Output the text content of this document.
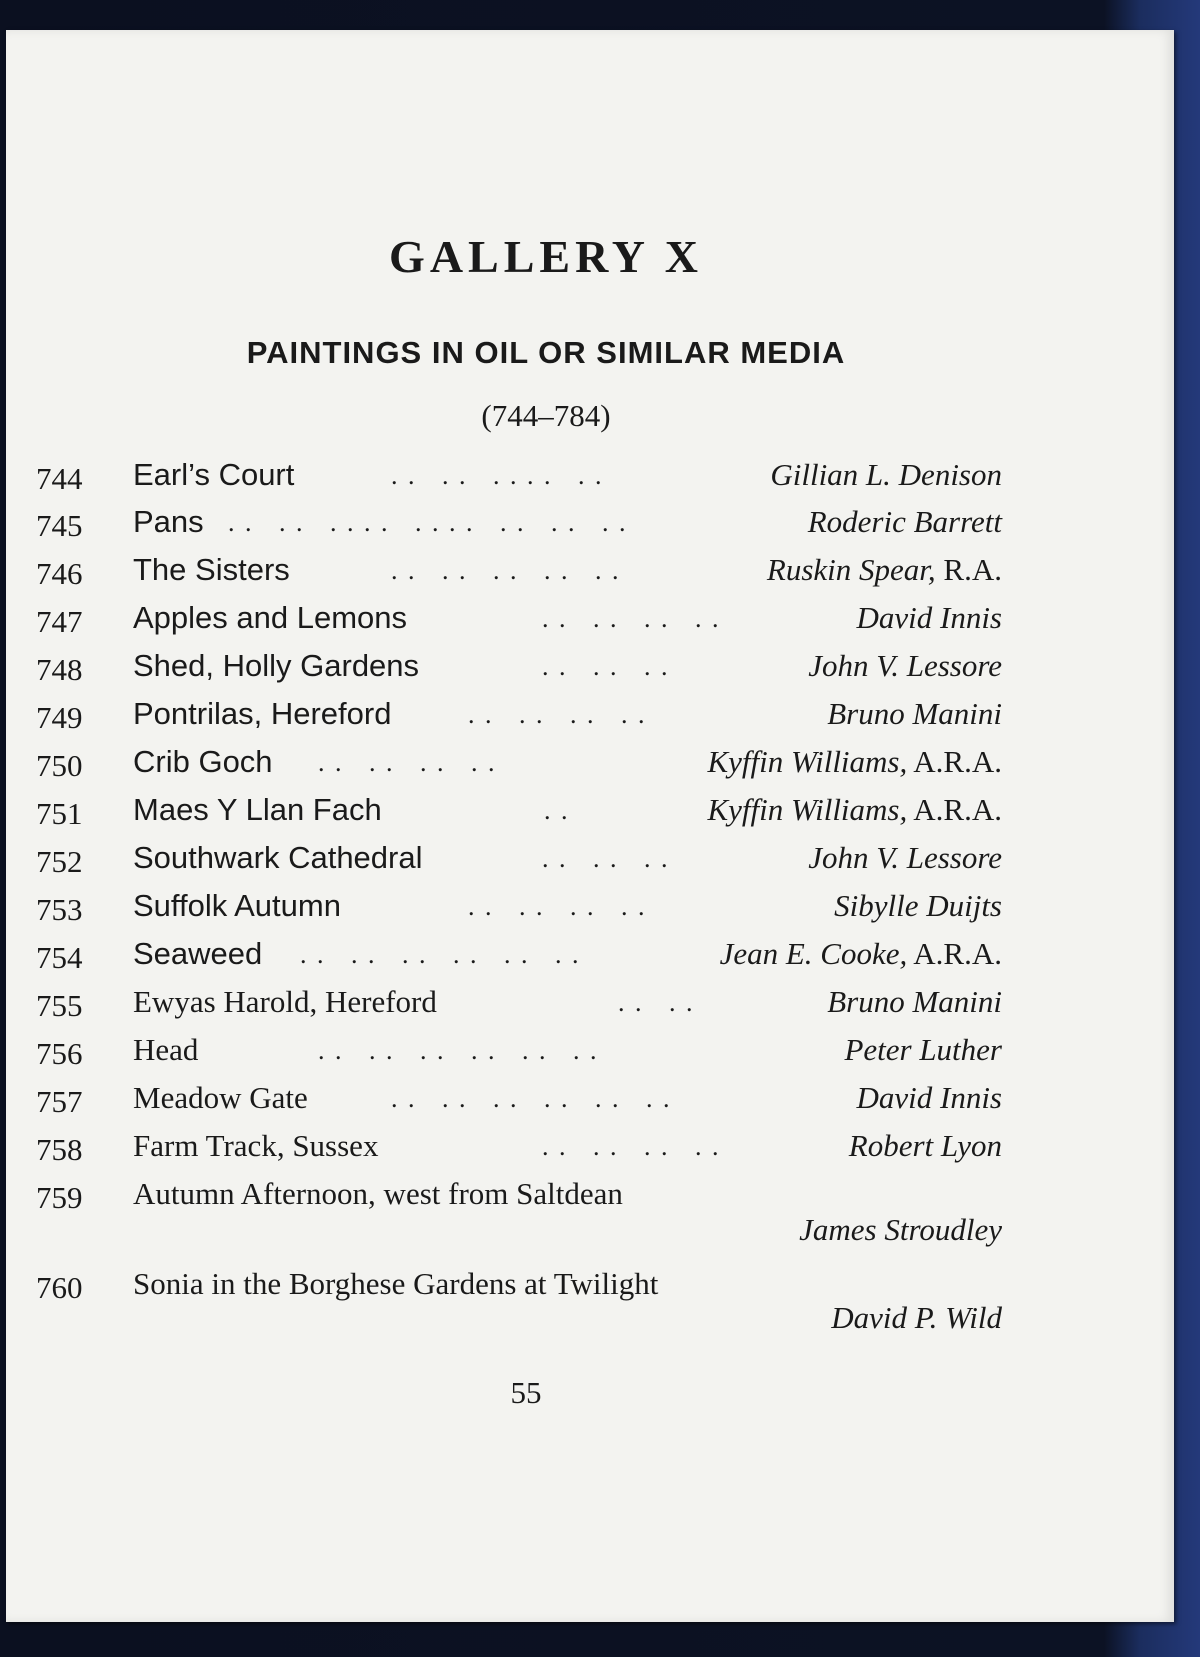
GALLERY X
PAINTINGS IN OIL OR SIMILAR MEDIA
(744–784)
744 Earl’s Court	. .   . .   . . . .   . .	Gillian L. Denison
745 Pans . .   . .   . . . .   . . . .   . .   . .   . .	Roderic Barrett
746 The Sisters	. .   . .   . .   . .   . .	Ruskin Spear, R.A.
747 Apples and Lemons	. .   . .   . .   . .	David Innis
748 Shed, Holly Gardens	. .   . .   . .	John V. Lessore
749 Pontrilas, Hereford	. .   . .   . .   . .	Bruno Manini
750 Crib Goch . .   . .   . .   . .	Kyffin Williams, A.R.A.
751 Maes Y Llan Fach	. .	Kyffin Williams, A.R.A.
752 Southwark Cathedral	. .   . .   . .	John V. Lessore
753 Suffolk Autumn	. .   . .   . .   . .	Sibylle Duijts
754 Seaweed . .   . .   . .   . .   . .   . .	Jean E. Cooke, A.R.A.
755 Ewyas Harold, Hereford	. .   . .	Bruno Manini
756 Head	. .   . .   . .   . .   . .   . .	Peter Luther
757 Meadow Gate	. .   . .   . .   . .   . .   . .	David Innis
758 Farm Track, Sussex	. .   . .   . .   . .	Robert Lyon
759 Autumn Afternoon, west from Saltdean
James Stroudley
760 Sonia in the Borghese Gardens at Twilight
David P. Wild
55
